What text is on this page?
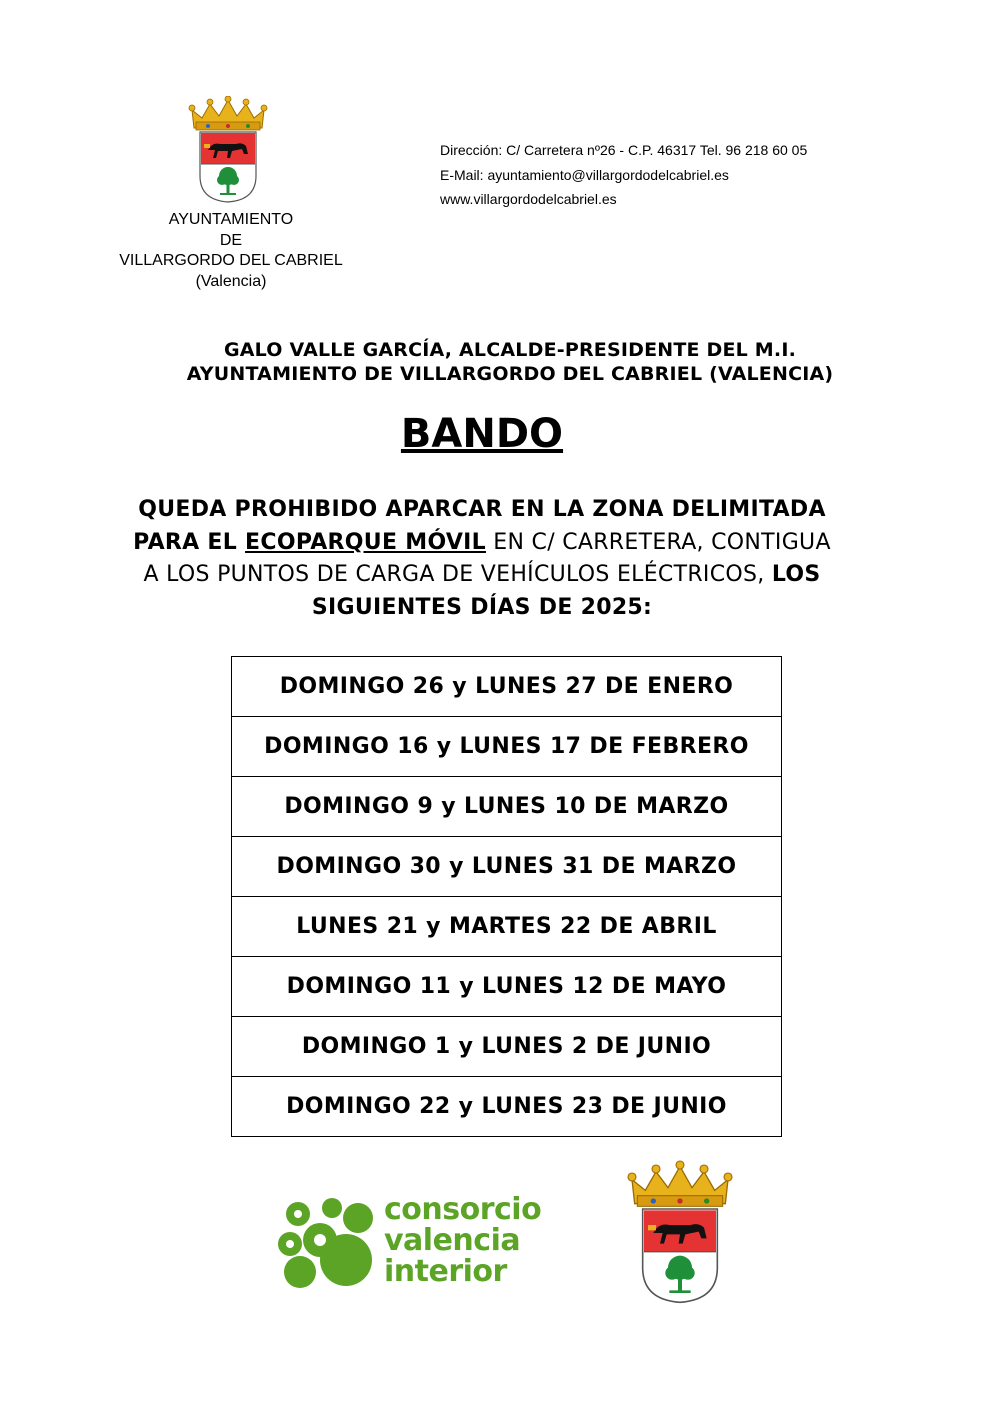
AYUNTAMIENTO
DE
VILLARGORDO DEL CABRIEL
(Valencia)
Dirección: C/ Carretera nº26 - C.P. 46317 Tel. 96 218 60 05
E-Mail: ayuntamiento@villargordodelcabriel.es
www.villargordodelcabriel.es
GALO VALLE GARCÍA, ALCALDE-PRESIDENTE DEL M.I.
AYUNTAMIENTO DE VILLARGORDO DEL CABRIEL (VALENCIA)
BANDO
QUEDA PROHIBIDO APARCAR EN LA ZONA DELIMITADA
PARA EL ECOPARQUE MÓVIL EN C/ CARRETERA, CONTIGUA
A LOS PUNTOS DE CARGA DE VEHÍCULOS ELÉCTRICOS, LOS
SIGUIENTES DÍAS DE 2025:
DOMINGO 26 y LUNES 27 DE ENERO
DOMINGO 16 y LUNES 17 DE FEBRERO
DOMINGO 9 y LUNES 10 DE MARZO
DOMINGO 30 y LUNES 31 DE MARZO
LUNES 21 y MARTES 22 DE ABRIL
DOMINGO 11 y LUNES 12 DE MAYO
DOMINGO 1 y LUNES 2 DE JUNIO
DOMINGO 22 y LUNES 23 DE JUNIO
consorcio
valencia
interior
